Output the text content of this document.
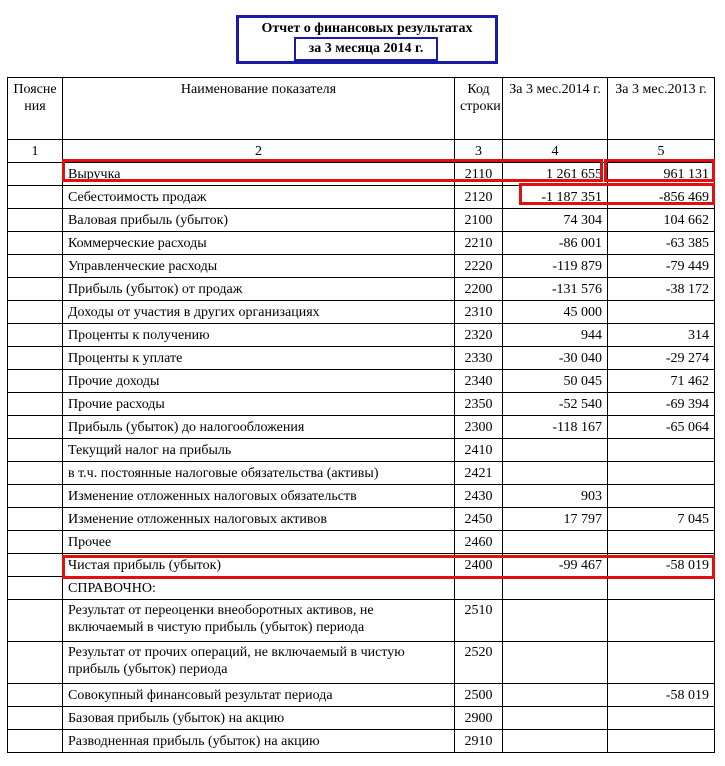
Отчет о финансовых результатах
за 3 месяца 2014 г.
Пояснения	Наименование показателя	Код строки	За 3 мес.2014 г.	За 3 мес.2013 г.
1	2	3	4	5
	Выручка	2110	1 261 655	961 131
	Себестоимость продаж	2120	-1 187 351	-856 469
	Валовая прибыль (убыток)	2100	74 304	104 662
	Коммерческие расходы	2210	-86 001	-63 385
	Управленческие расходы	2220	-119 879	-79 449
	Прибыль (убыток) от продаж	2200	-131 576	-38 172
	Доходы от участия в других организациях	2310	45 000	
	Проценты к получению	2320	944	314
	Проценты к уплате	2330	-30 040	-29 274
	Прочие доходы	2340	50 045	71 462
	Прочие расходы	2350	-52 540	-69 394
	Прибыль (убыток) до налогообложения	2300	-118 167	-65 064
	Текущий налог на прибыль	2410		
	в т.ч. постоянные налоговые обязательства (активы)	2421		
	Изменение отложенных налоговых обязательств	2430	903	
	Изменение отложенных налоговых активов	2450	17 797	7 045
	Прочее	2460		
	Чистая прибыль (убыток)	2400	-99 467	-58 019
	СПРАВОЧНО:			
	Результат от переоценки внеоборотных активов, не включаемый в чистую прибыль (убыток) периода	2510		
	Результат от прочих операций, не включаемый в чистую прибыль (убыток) периода	2520		
	Совокупный финансовый результат периода	2500		-58 019
	Базовая прибыль (убыток) на акцию	2900		
	Разводненная прибыль (убыток) на акцию	2910		
